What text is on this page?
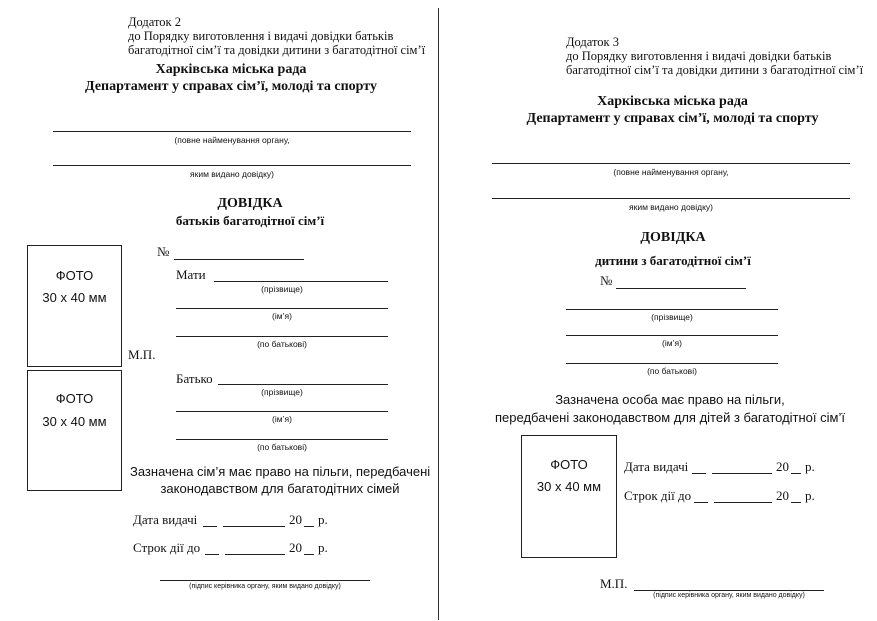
Додаток 2
до Порядку виготовлення і видачі довідки батьків
багатодітної сім’ї та довідки дитини з багатодітної сім’ї
Харківська міська рада
Департамент у справах сім’ї, молоді та спорту
(повне найменування органу,
яким видано довідку)
ДОВІДКА
батьків багатодітної сім’ї
№
ФОТО
30 х 40 мм
М.П.
ФОТО
30 х 40 мм
Мати
(прізвище)
(ім’я)
(по батькові)
Батько
(прізвище)
(ім’я)
(по батькові)
Зазначена сім’я має право на пільги, передбачені
законодавством для багатодітних сімей
Дата видачі	20 р.
Строк дії до	20 р.
(підпис керівника органу, яким видано довідку)
Додаток 3
до Порядку виготовлення і видачі довідки батьків
багатодітної сім’ї та довідки дитини з багатодітної сім’ї
Харківська міська рада
Департамент у справах сім’ї, молоді та спорту
(повне найменування органу,
яким видано довідку)
ДОВІДКА
дитини з багатодітної сім’ї
№
(прізвище)
(ім’я)
(по батькові)
Зазначена особа має право на пільги,
передбачені законодавством для дітей з багатодітної сім’ї
ФОТО
30 х 40 мм
Дата видачі	20 р.
Строк дії до	20 р.
М.П.
(підпис керівника органу, яким видано довідку)
